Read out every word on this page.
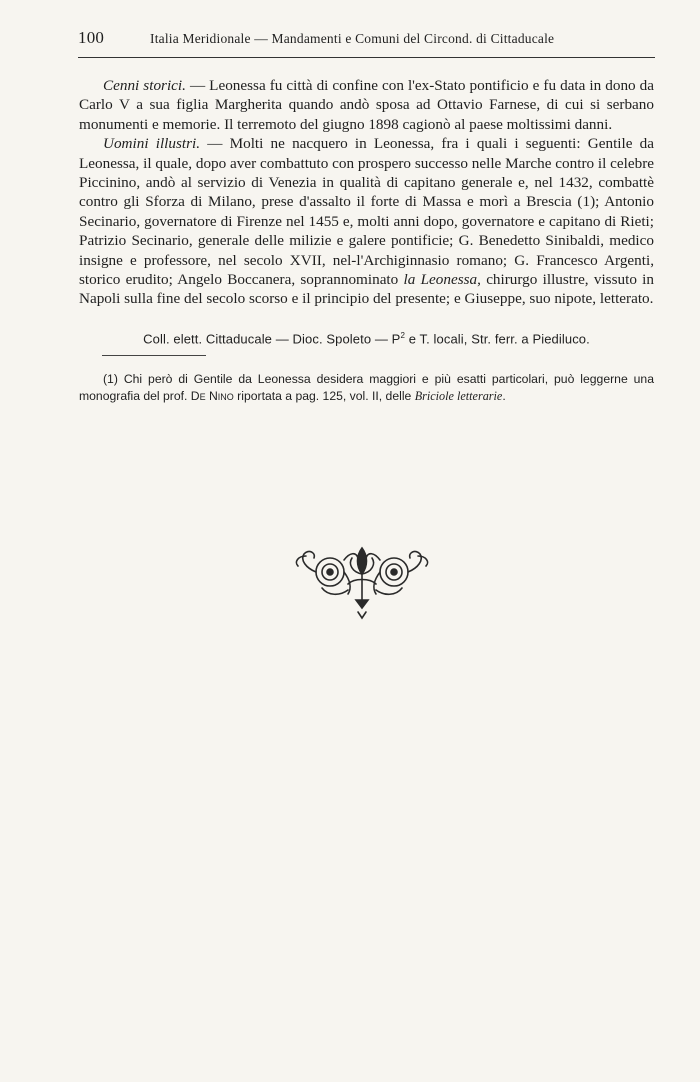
100	Italia Meridionale — Mandamenti e Comuni del Circond. di Cittaducale

Cenni storici. — Leonessa fu città di confine con l'ex-Stato pontificio e fu data in dono da Carlo V a sua figlia Margherita quando andò sposa ad Ottavio Farnese, di cui si serbano monumenti e memorie. Il terremoto del giugno 1898 cagionò al paese moltissimi danni.

Uomini illustri. — Molti ne nacquero in Leonessa, fra i quali i seguenti: Gentile da Leonessa, il quale, dopo aver combattuto con prospero successo nelle Marche contro il celebre Piccinino, andò al servizio di Venezia in qualità di capitano generale e, nel 1432, combattè contro gli Sforza di Milano, prese d'assalto il forte di Massa e morì a Brescia (1); Antonio Secinario, governatore di Firenze nel 1455 e, molti anni dopo, governatore e capitano di Rieti; Patrizio Secinario, generale delle milizie e galere pontificie; G. Benedetto Sinibaldi, medico insigne e professore, nel secolo XVII, nel-l'Archiginnasio romano; G. Francesco Argenti, storico erudito; Angelo Boccanera, soprannominato la Leonessa, chirurgo illustre, vissuto in Napoli sulla fine del secolo scorso e il principio del presente; e Giuseppe, suo nipote, letterato.

Coll. elett. Cittaducale — Dioc. Spoleto — $P^2$ e T. locali, Str. ferr. a Piediluco.
(1) Chi però di Gentile da Leonessa desidera maggiori e più esatti particolari, può leggerne una monografia del prof. De Nino riportata a pag. 125, vol. II, delle Briciole letterarie.
